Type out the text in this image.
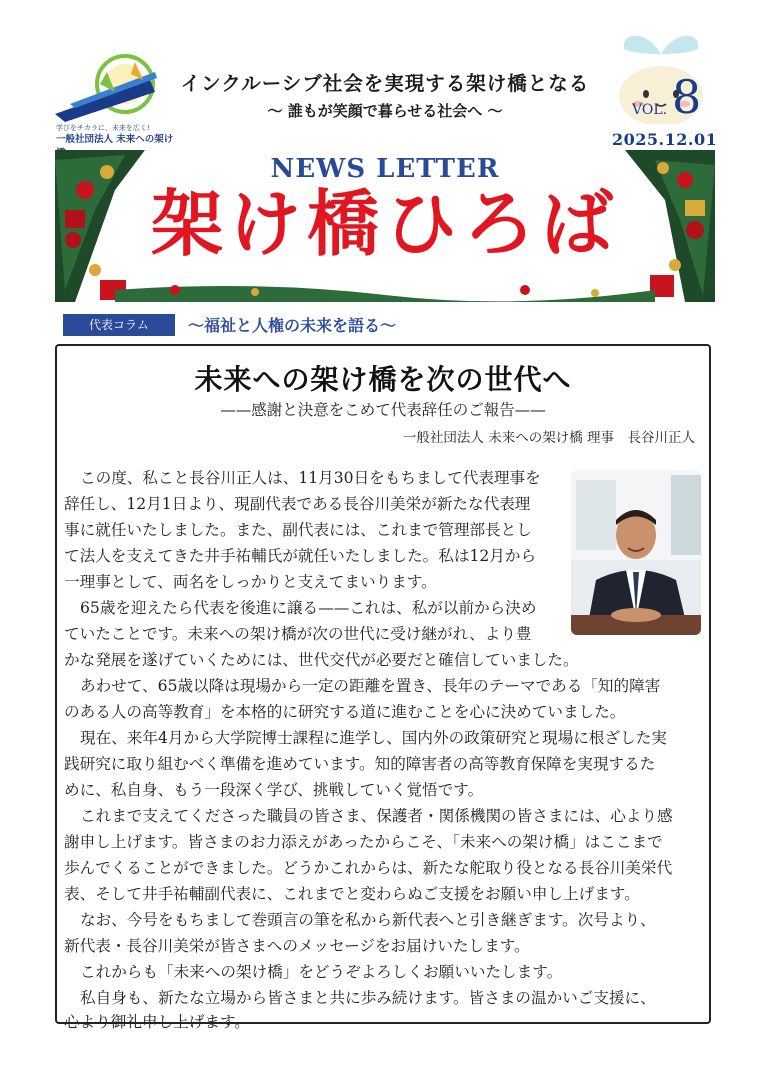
学びをチカラに、未来を広く!
一般社団法人 未来への架け
インクルーシブ社会を実現する架け橋となる
〜 誰もが笑顔で暮らせる社会へ 〜	VOL. 8
2025.12.01
NEWS LETTER
架け橋ひろば
代表コラム	〜福祉と人権の未来を語る〜
未来への架け橋を次の世代へ
——感謝と決意をこめて代表辞任のご報告——
一般社団法人 未来への架け橋 理事　長谷川正人
この度、私こと長谷川正人は、11月30日をもちまして代表理事を
辞任し、12月1日より、現副代表である長谷川美栄が新たな代表理
事に就任いたしました。また、副代表には、これまで管理部長とし
て法人を支えてきた井手祐輔氏が就任いたしました。私は12月から
一理事として、両名をしっかりと支えてまいります。
65歳を迎えたら代表を後進に譲る——これは、私が以前から決め
ていたことです。未来への架け橋が次の世代に受け継がれ、より豊
かな発展を遂げていくためには、世代交代が必要だと確信していました。
あわせて、65歳以降は現場から一定の距離を置き、長年のテーマである「知的障害
のある人の高等教育」を本格的に研究する道に進むことを心に決めていました。
現在、来年4月から大学院博士課程に進学し、国内外の政策研究と現場に根ざした実
践研究に取り組むべく準備を進めています。知的障害者の高等教育保障を実現するた
めに、私自身、もう一段深く学び、挑戦していく覚悟です。
これまで支えてくださった職員の皆さま、保護者・関係機関の皆さまには、心より感
謝申し上げます。皆さまのお力添えがあったからこそ、「未来への架け橋」はここまで
歩んでくることができました。どうかこれからは、新たな舵取り役となる長谷川美栄代
表、そして井手祐輔副代表に、これまでと変わらぬご支援をお願い申し上げます。
なお、今号をもちまして巻頭言の筆を私から新代表へと引き継ぎます。次号より、
新代表・長谷川美栄が皆さまへのメッセージをお届けいたします。
これからも「未来への架け橋」をどうぞよろしくお願いいたします。
私自身も、新たな立場から皆さまと共に歩み続けます。皆さまの温かいご支援に、
心より御礼申し上げます。
